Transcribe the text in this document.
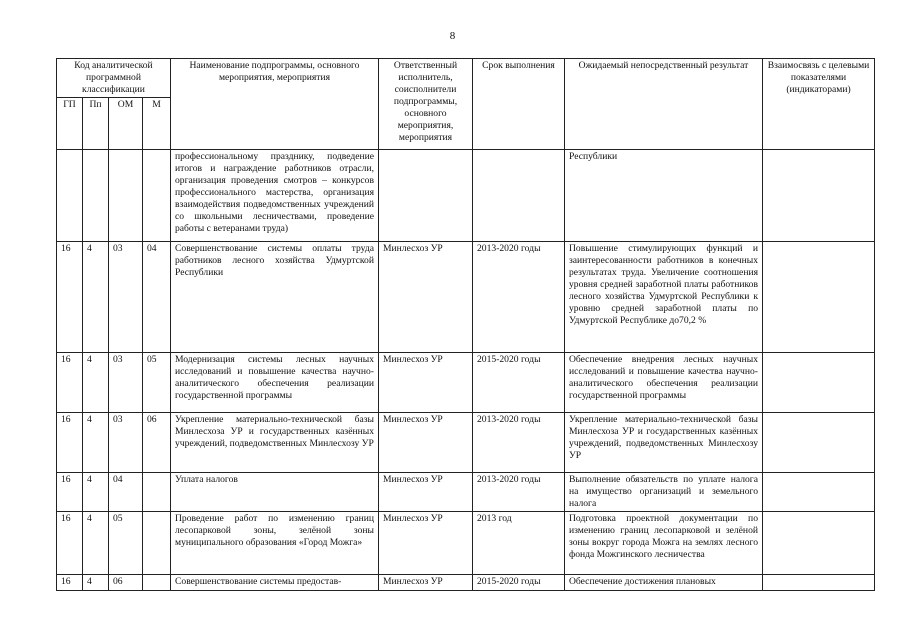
8
Код аналитической программной классификации				Наименование подпрограммы, основного мероприятия, мероприятия	Ответственный исполнитель, соисполнители подпрограммы, основного мероприятия, мероприятия	Срок выполнения	Ожидаемый непосредственный результат	Взаимосвязь с целевыми показателями (индикаторами)
ГП	Пп	ОМ	М					
				профессиональному празднику, подведение итогов и награждение работников отрасли, организация проведения смотров – конкурсов профессионального мастерства, организация взаимодействия подведомственных учреждений со школьными лесничествами, проведение работы с ветеранами труда)			Республики	
16	4	03	04	Совершенствование системы оплаты труда работников лесного хозяйства Удмуртской Республики	Минлесхоз УР	2013-2020 годы	Повышение стимулирующих функций и заинтересованности работников в конечных результатах труда. Увеличение соотношения уровня средней заработной платы работников лесного хозяйства Удмуртской Республики к уровню средней заработной платы по Удмуртской Республике до70,2 %	
16	4	03	05	Модернизация системы лесных научных исследований и повышение качества научно-аналитического обеспечения реализации государственной программы	Минлесхоз УР	2015-2020 годы	Обеспечение внедрения лесных научных исследований и повышение качества научно-аналитического обеспечения реализации государственной программы	
16	4	03	06	Укрепление материально-технической базы Минлесхоза УР и государственных казённых учреждений, подведомственных Минлесхозу УР	Минлесхоз УР	2013-2020 годы	Укрепление материально-технической базы Минлесхоза УР и государственных казённых учреждений, подведомственных Минлесхозу УР	
16	4	04		Уплата налогов	Минлесхоз УР	2013-2020 годы	Выполнение обязательств по уплате налога на имущество организаций и земельного налога	
16	4	05		Проведение работ по изменению границ лесопарковой зоны, зелёной зоны муниципального образования «Город Можга»	Минлесхоз УР	2013 год	Подготовка проектной документации по изменению границ лесопарковой и зелёной зоны вокруг города Можга на землях лесного фонда Можгинского лесничества	
16	4	06		Совершенствование системы предостав-	Минлесхоз УР	2015-2020 годы	Обеспечение достижения плановых	
